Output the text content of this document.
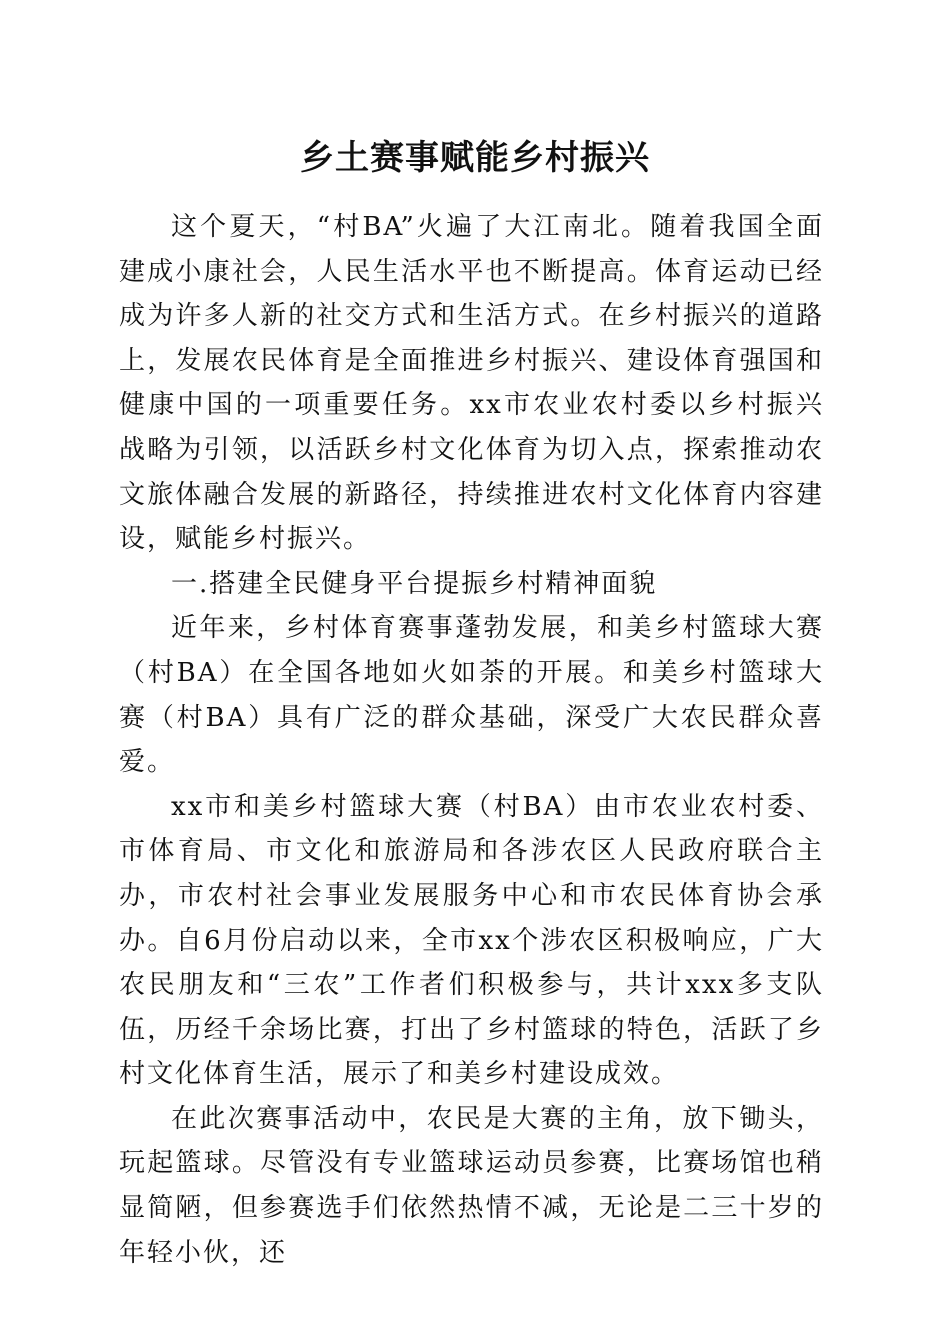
乡土赛事赋能乡村振兴

这个夏天，“村BA”火遍了大江南北。随着我国全面建成小康社会，人民生活水平也不断提高。体育运动已经成为许多人新的社交方式和生活方式。在乡村振兴的道路上，发展农民体育是全面推进乡村振兴、建设体育强国和健康中国的一项重要任务。xx市农业农村委以乡村振兴战略为引领，以活跃乡村文化体育为切入点，探索推动农文旅体融合发展的新路径，持续推进农村文化体育内容建设，赋能乡村振兴。

一.搭建全民健身平台提振乡村精神面貌

近年来，乡村体育赛事蓬勃发展，和美乡村篮球大赛（村BA）在全国各地如火如荼的开展。和美乡村篮球大赛（村BA）具有广泛的群众基础，深受广大农民群众喜爱。

xx市和美乡村篮球大赛（村BA）由市农业农村委、市体育局、市文化和旅游局和各涉农区人民政府联合主办，市农村社会事业发展服务中心和市农民体育协会承办。自6月份启动以来，全市xx个涉农区积极响应，广大农民朋友和“三农”工作者们积极参与，共计xxx多支队伍，历经千余场比赛，打出了乡村篮球的特色，活跃了乡村文化体育生活，展示了和美乡村建设成效。

在此次赛事活动中，农民是大赛的主角，放下锄头，玩起篮球。尽管没有专业篮球运动员参赛，比赛场馆也稍显简陋，但参赛选手们依然热情不减，无论是二三十岁的年轻小伙，还
